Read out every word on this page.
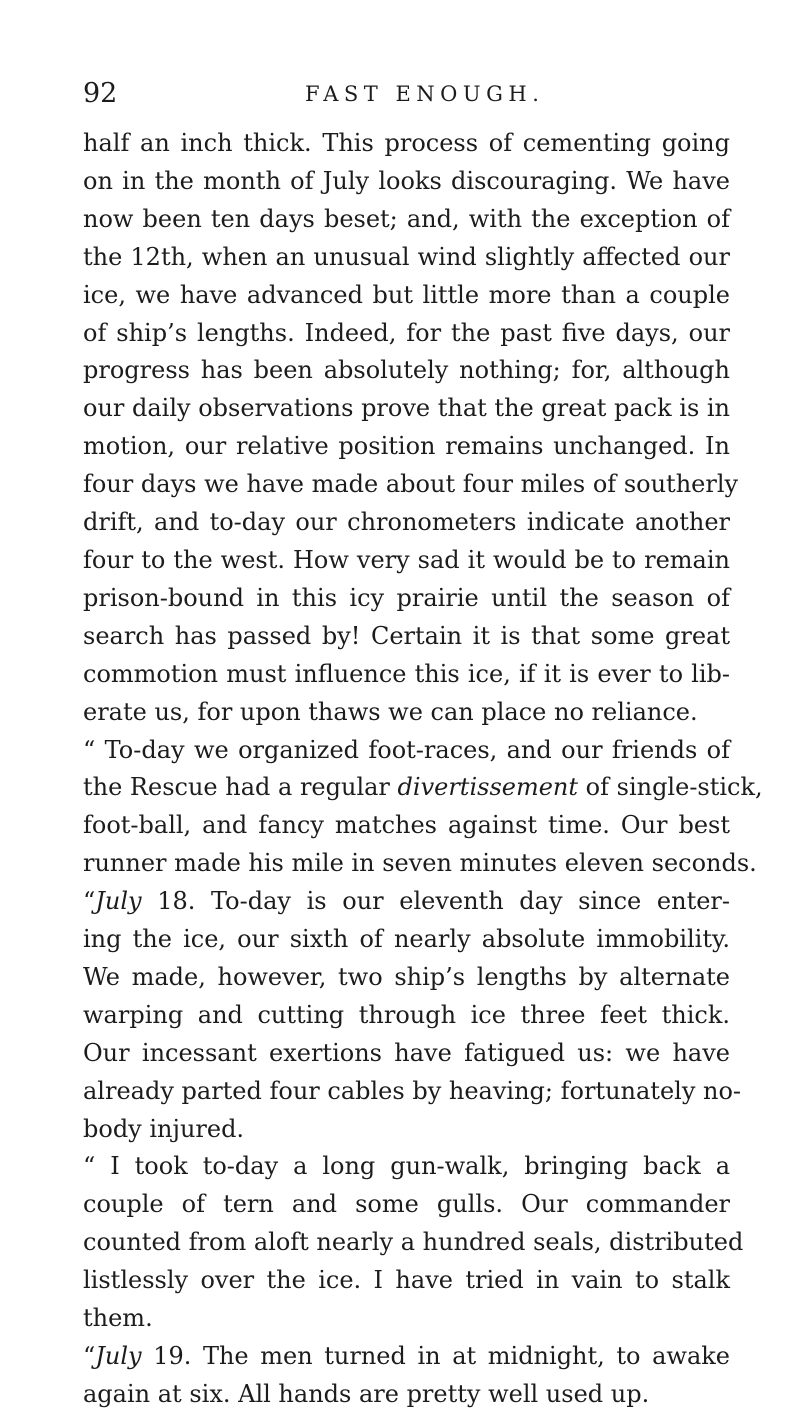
92	FAST ENOUGH.
half an inch thick. This process of cementing going
on in the month of July looks discouraging. We have
now been ten days beset; and, with the exception of
the 12th, when an unusual wind slightly affected our
ice, we have advanced but little more than a couple
of ship’s lengths. Indeed, for the past five days, our
progress has been absolutely nothing; for, although
our daily observations prove that the great pack is in
motion, our relative position remains unchanged. In
four days we have made about four miles of southerly
drift, and to-day our chronometers indicate another
four to the west. How very sad it would be to remain
prison-bound in this icy prairie until the season of
search has passed by! Certain it is that some great
commotion must influence this ice, if it is ever to lib-
erate us, for upon thaws we can place no reliance.
“ To-day we organized foot-races, and our friends of
the Rescue had a regular divertissement of single-stick,
foot-ball, and fancy matches against time. Our best
runner made his mile in seven minutes eleven seconds.
“July 18. To-day is our eleventh day since enter-
ing the ice, our sixth of nearly absolute immobility.
We made, however, two ship’s lengths by alternate
warping and cutting through ice three feet thick.
Our incessant exertions have fatigued us: we have
already parted four cables by heaving; fortunately no-
body injured.
“ I took to-day a long gun-walk, bringing back a
couple of tern and some gulls. Our commander
counted from aloft nearly a hundred seals, distributed
listlessly over the ice. I have tried in vain to stalk
them.
“July 19. The men turned in at midnight, to awake
again at six. All hands are pretty well used up.
